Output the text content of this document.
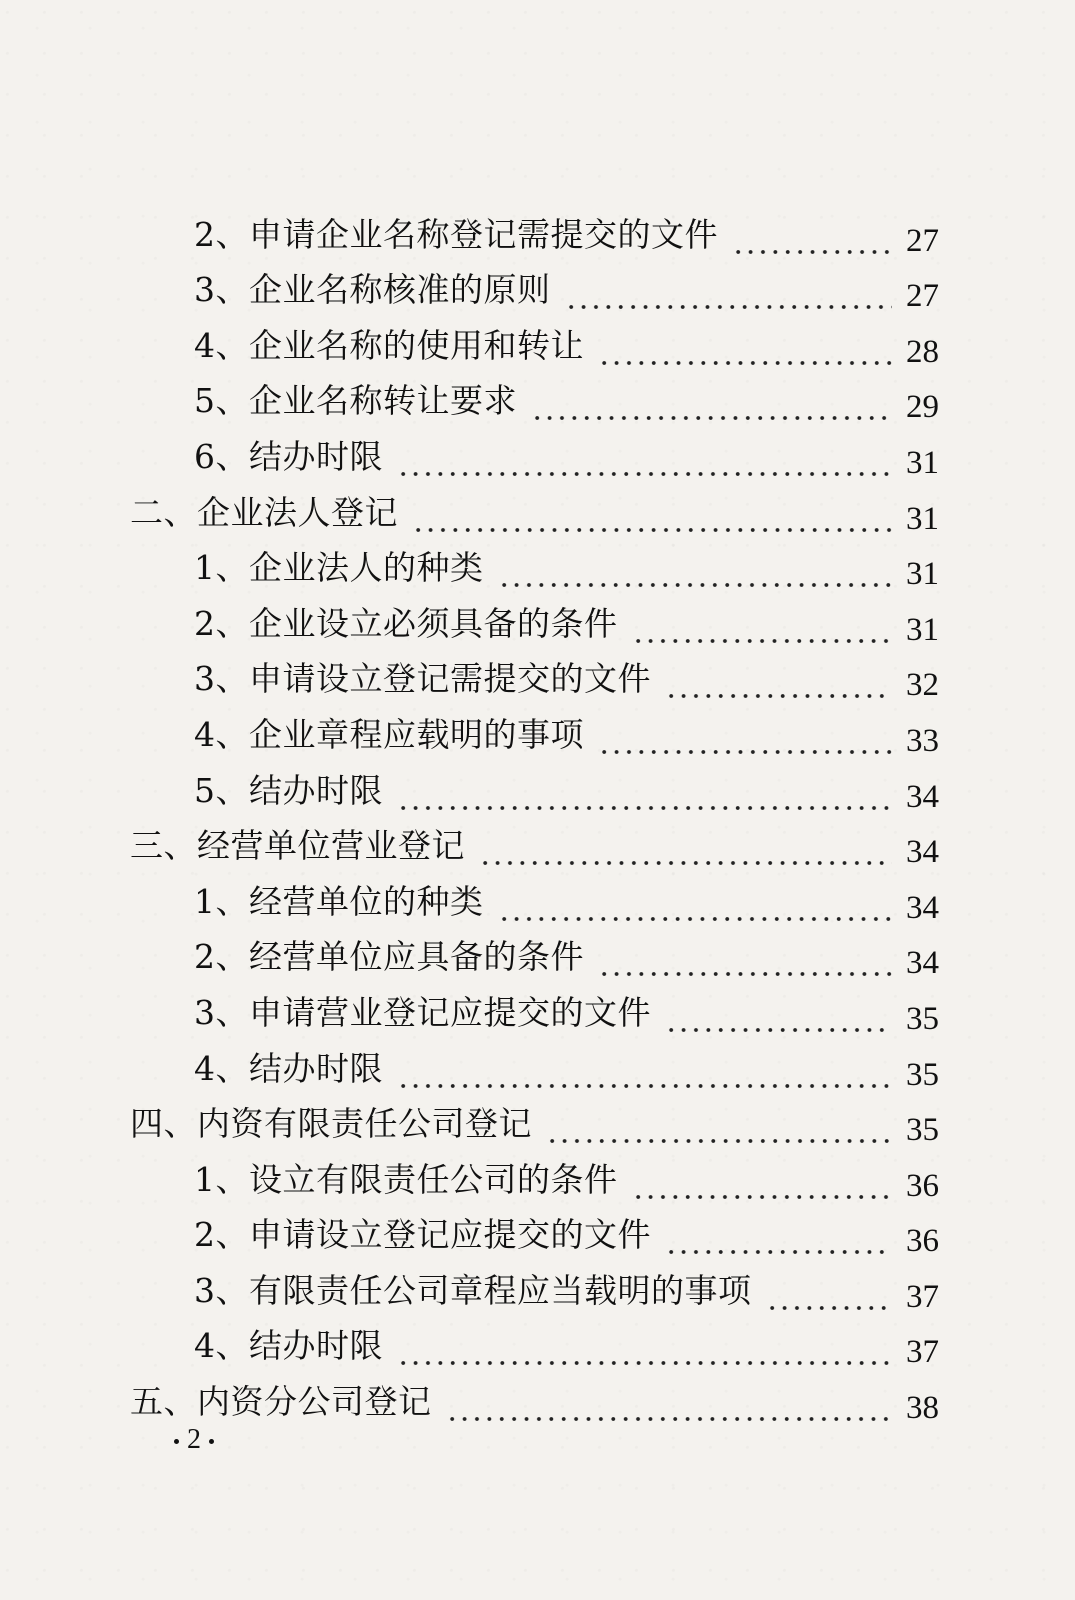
2、申请企业名称登记需提交的文件	27
3、企业名称核准的原则	27
4、企业名称的使用和转让	28
5、企业名称转让要求	29
6、结办时限	31
二、企业法人登记	31
1、企业法人的种类	31
2、企业设立必须具备的条件	31
3、申请设立登记需提交的文件	32
4、企业章程应载明的事项	33
5、结办时限	34
三、经营单位营业登记	34
1、经营单位的种类	34
2、经营单位应具备的条件	34
3、申请营业登记应提交的文件	35
4、结办时限	35
四、内资有限责任公司登记	35
1、设立有限责任公司的条件	36
2、申请设立登记应提交的文件	36
3、有限责任公司章程应当载明的事项	37
4、结办时限	37
五、内资分公司登记	38
2
